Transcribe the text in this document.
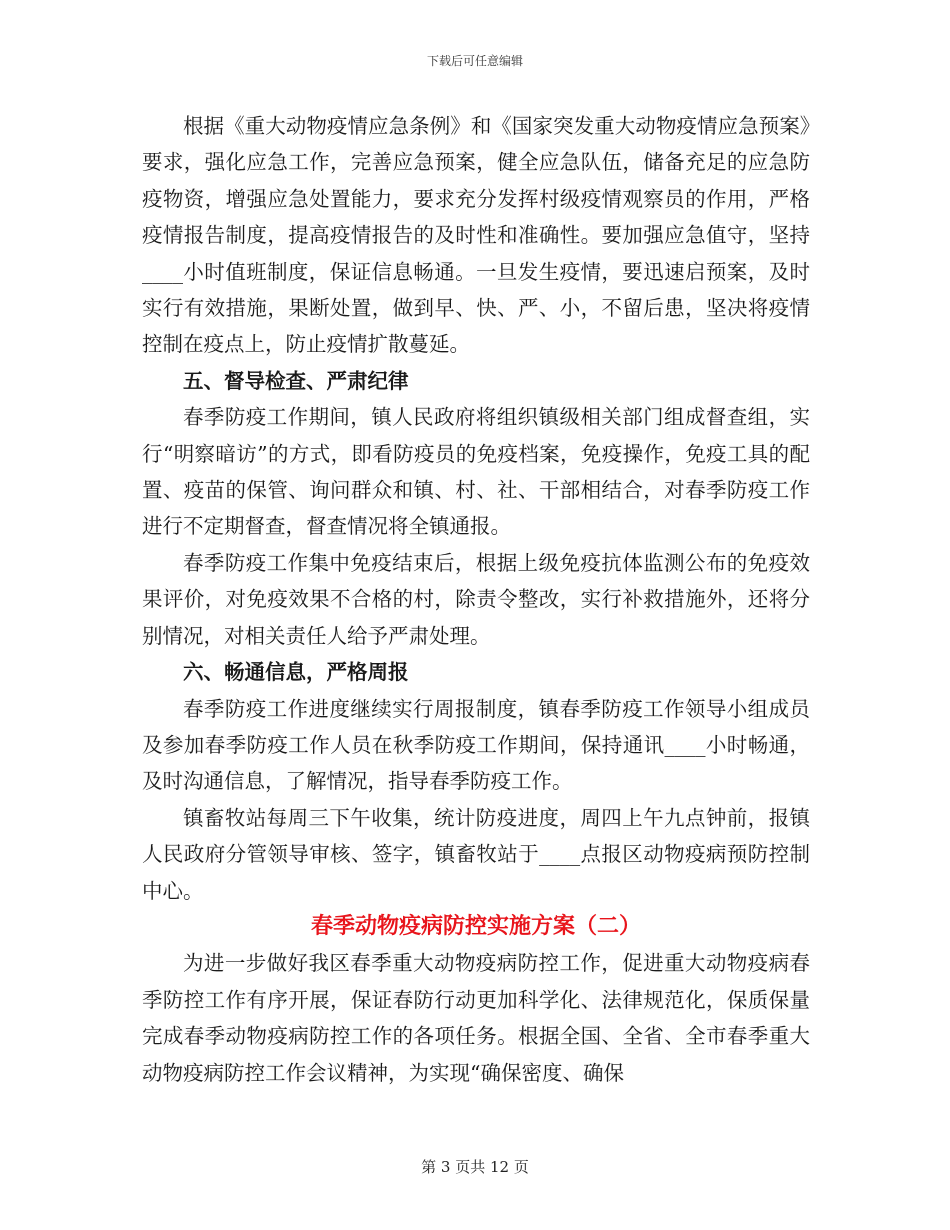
下载后可任意编辑

根据《重大动物疫情应急条例》和《国家突发重大动物疫情应急预案》要求，强化应急工作，完善应急预案，健全应急队伍，储备充足的应急防疫物资，增强应急处置能力，要求充分发挥村级疫情观察员的作用，严格疫情报告制度，提高疫情报告的及时性和准确性。要加强应急值守，坚持____小时值班制度，保证信息畅通。一旦发生疫情，要迅速启预案，及时实行有效措施，果断处置，做到早、快、严、小，不留后患，坚决将疫情控制在疫点上，防止疫情扩散蔓延。

五、督导检查、严肃纪律

春季防疫工作期间，镇人民政府将组织镇级相关部门组成督查组，实行“明察暗访”的方式，即看防疫员的免疫档案，免疫操作，免疫工具的配置、疫苗的保管、询问群众和镇、村、社、干部相结合，对春季防疫工作进行不定期督查，督查情况将全镇通报。

春季防疫工作集中免疫结束后，根据上级免疫抗体监测公布的免疫效果评价，对免疫效果不合格的村，除责令整改，实行补救措施外，还将分别情况，对相关责任人给予严肃处理。

六、畅通信息，严格周报

春季防疫工作进度继续实行周报制度，镇春季防疫工作领导小组成员及参加春季防疫工作人员在秋季防疫工作期间，保持通讯____小时畅通，及时沟通信息，了解情况，指导春季防疫工作。

镇畜牧站每周三下午收集，统计防疫进度，周四上午九点钟前，报镇人民政府分管领导审核、签字，镇畜牧站于____点报区动物疫病预防控制中心。

春季动物疫病防控实施方案（二）

为进一步做好我区春季重大动物疫病防控工作，促进重大动物疫病春季防控工作有序开展，保证春防行动更加科学化、法律规范化，保质保量完成春季动物疫病防控工作的各项任务。根据全国、全省、全市春季重大动物疫病防控工作会议精神，为实现“确保密度、确保

第 3 页共 12 页
